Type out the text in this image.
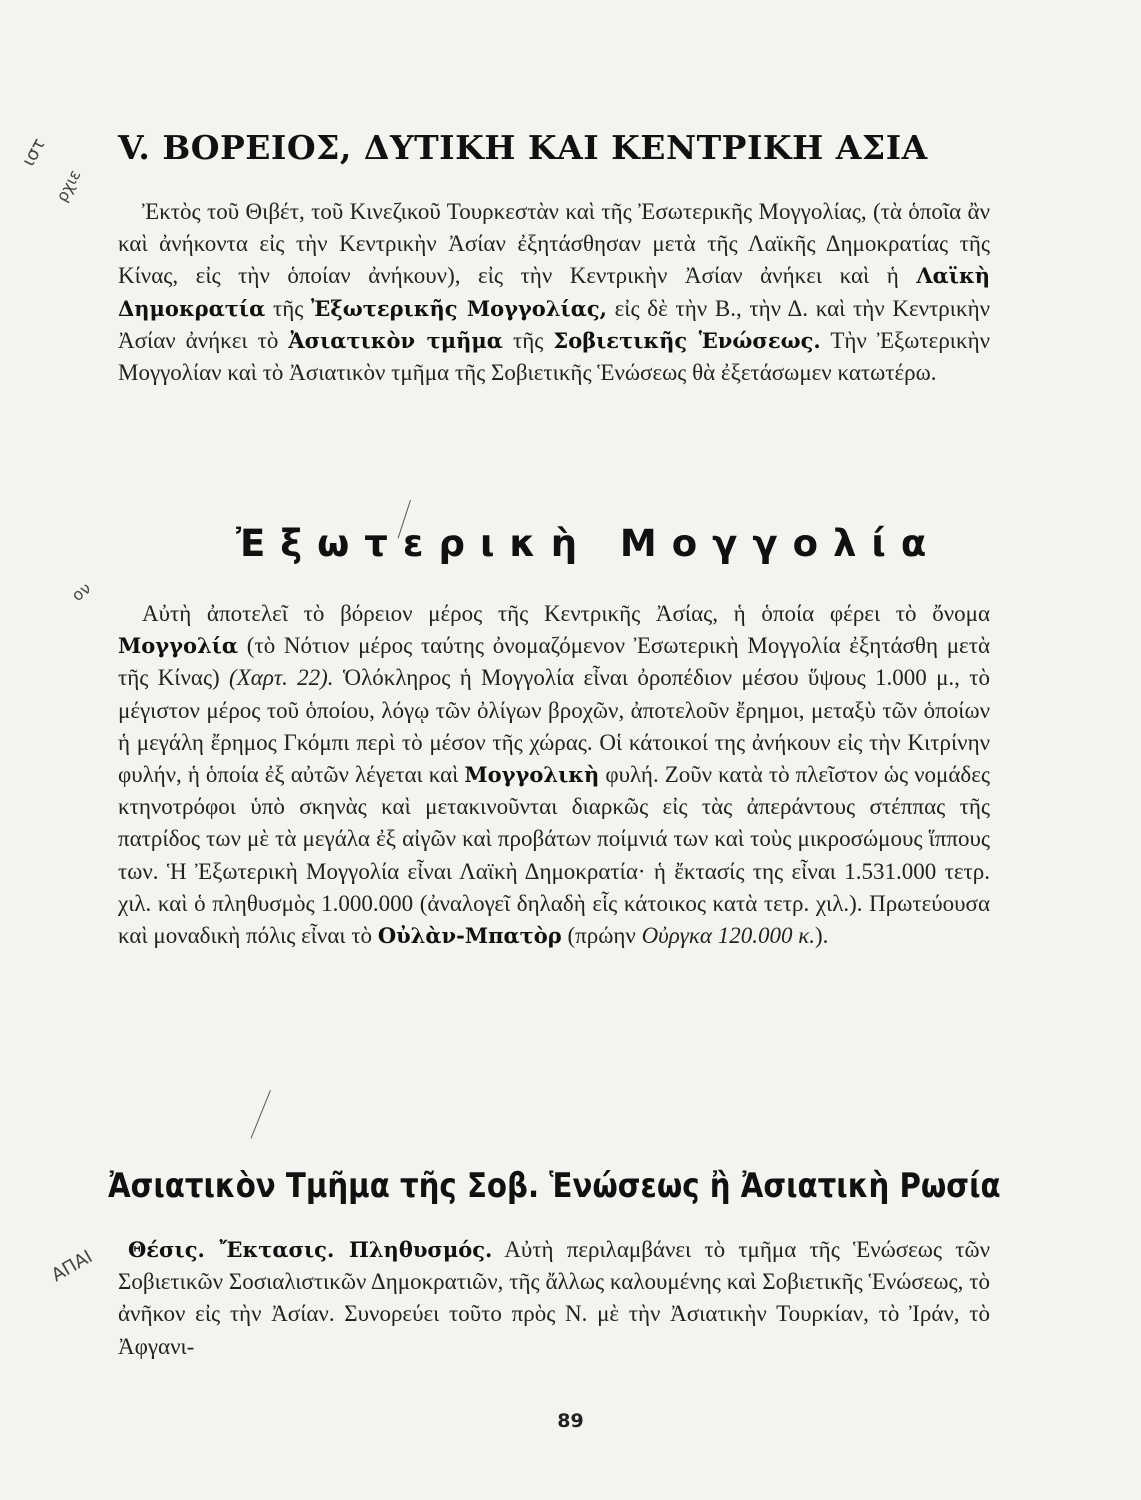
ιστ
ρχιε
ον
ΑΠΑΙ
V. ΒΟΡΕΙΟΣ, ΔΥΤΙΚΗ ΚΑΙ ΚΕΝΤΡΙΚΗ ΑΣΙΑ
Ἐκτὸς τοῦ Θιβέτ, τοῦ Κινεζικοῦ Τουρκεστὰν καὶ τῆς Ἐσωτερικῆς Μογγολίας, (τὰ ὁποῖα ἂν καὶ ἀνήκοντα εἰς τὴν Κεντρικὴν Ἀσίαν ἐξητάσθησαν μετὰ τῆς Λαϊκῆς Δημοκρατίας τῆς Κίνας, εἰς τὴν ὁποίαν ἀνήκουν), εἰς τὴν Κεντρικὴν Ἀσίαν ἀνήκει καὶ ἡ Λαϊκὴ Δημοκρατία τῆς Ἐξωτερικῆς Μογγολίας, εἰς δὲ τὴν Β., τὴν Δ. καὶ τὴν Κεντρικὴν Ἀσίαν ἀνήκει τὸ Ἀσιατικὸν τμῆμα τῆς Σοβιετικῆς Ἑνώσεως. Τὴν Ἐξωτερικὴν Μογγολίαν καὶ τὸ Ἀσιατικὸν τμῆμα τῆς Σοβιετικῆς Ἑνώσεως θὰ ἐξετάσωμεν κατωτέρω.
Ἐξωτερικὴ Μογγολία
Αὐτὴ ἀποτελεῖ τὸ βόρειον μέρος τῆς Κεντρικῆς Ἀσίας, ἡ ὁποία φέρει τὸ ὄνομα Μογγολία (τὸ Νότιον μέρος ταύτης ὀνομαζόμενον Ἐσωτερικὴ Μογγολία ἐξητάσθη μετὰ τῆς Κίνας) (Χαρτ. 22). Ὁλόκληρος ἡ Μογγολία εἶναι ὀροπέδιον μέσου ὕψους 1.000 μ., τὸ μέγιστον μέρος τοῦ ὁποίου, λόγῳ τῶν ὀλίγων βροχῶν, ἀποτελοῦν ἔρημοι, μεταξὺ τῶν ὁποίων ἡ μεγάλη ἔρημος Γκόμπι περὶ τὸ μέσον τῆς χώρας. Οἱ κάτοικοί της ἀνήκουν εἰς τὴν Κιτρίνην φυλήν, ἡ ὁποία ἐξ αὐτῶν λέγεται καὶ Μογγολικὴ φυλή. Ζοῦν κατὰ τὸ πλεῖστον ὡς νομάδες κτηνοτρόφοι ὑπὸ σκηνὰς καὶ μετακινοῦνται διαρκῶς εἰς τὰς ἀπεράντους στέππας τῆς πατρίδος των μὲ τὰ μεγάλα ἐξ αἰγῶν καὶ προβάτων ποίμνιά των καὶ τοὺς μικροσώμους ἵππους των. Ἡ Ἐξωτερικὴ Μογγολία εἶναι Λαϊκὴ Δημοκρατία· ἡ ἔκτασίς της εἶναι 1.531.000 τετρ. χιλ. καὶ ὁ πληθυσμὸς 1.000.000 (ἀναλογεῖ δηλαδὴ εἷς κάτοικος κατὰ τετρ. χιλ.). Πρωτεύουσα καὶ μοναδικὴ πόλις εἶναι τὸ Οὐλὰν-Μπατὸρ (πρώην Οὐργκα 120.000 κ.).
Ἀσιατικὸν Τμῆμα τῆς Σοβ. Ἑνώσεως ἢ Ἀσιατικὴ Ρωσία
Θέσις. Ἔκτασις. Πληθυσμός. Αὐτὴ περιλαμβάνει τὸ τμῆμα τῆς Ἑνώσεως τῶν Σοβιετικῶν Σοσιαλιστικῶν Δημοκρατιῶν, τῆς ἄλλως καλουμένης καὶ Σοβιετικῆς Ἑνώσεως, τὸ ἀνῆκον εἰς τὴν Ἀσίαν. Συνορεύει τοῦτο πρὸς Ν. μὲ τὴν Ἀσιατικὴν Τουρκίαν, τὸ Ἰράν, τὸ Ἀφγανι-
89
